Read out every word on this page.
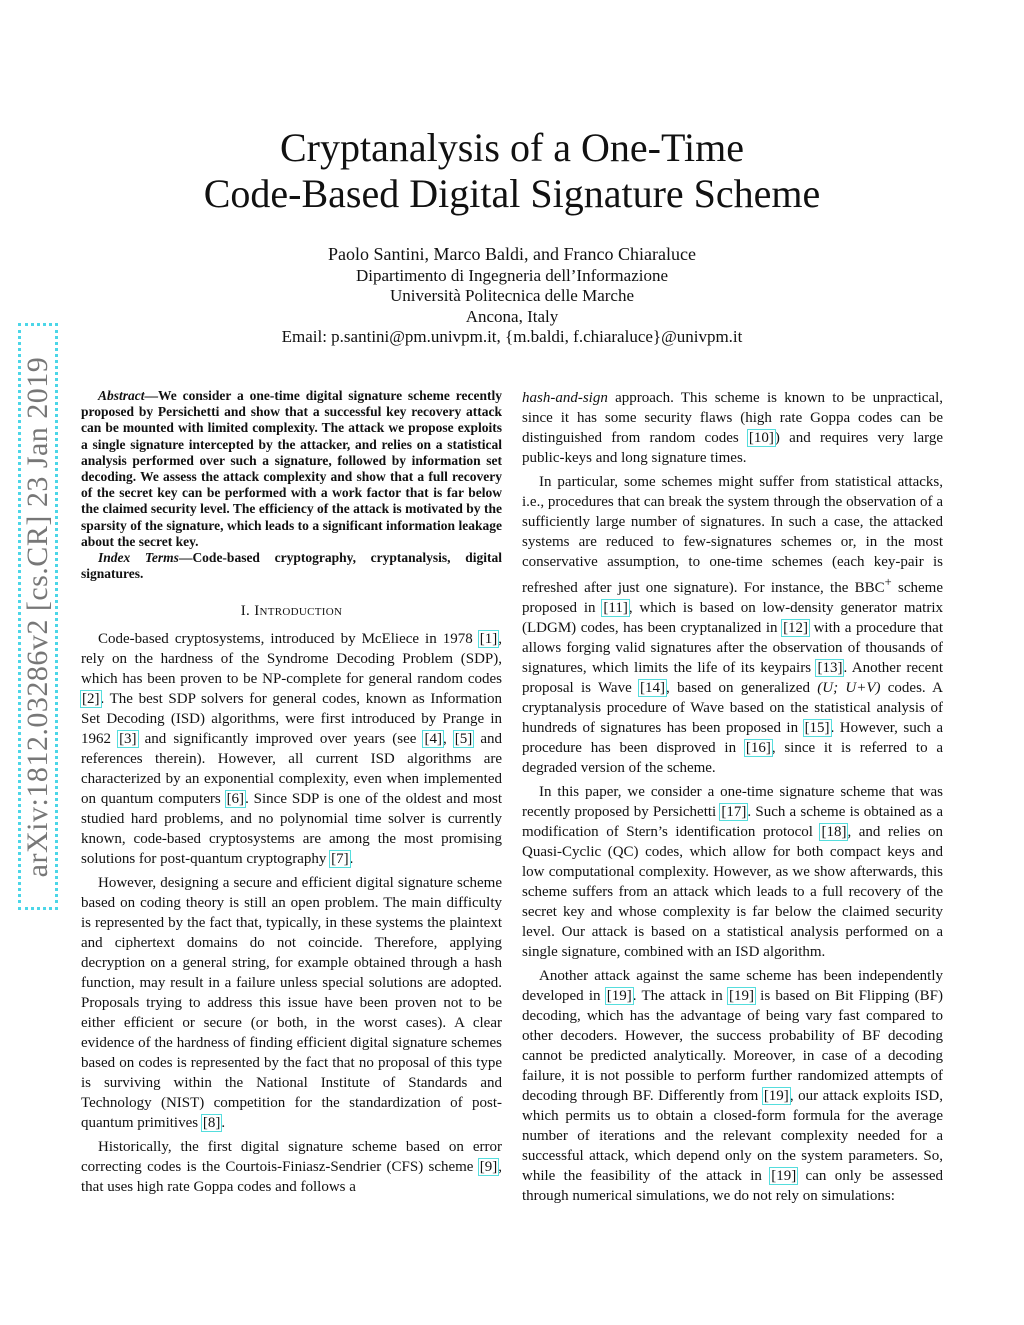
arXiv:1812.03286v2 [cs.CR] 23 Jan 2019
Cryptanalysis of a One-Time
Code-Based Digital Signature Scheme
Paolo Santini, Marco Baldi, and Franco Chiaraluce
Dipartimento di Ingegneria dell’Informazione
Università Politecnica delle Marche
Ancona, Italy
Email: p.santini@pm.univpm.it, {m.baldi, f.chiaraluce}@univpm.it

Abstract—We consider a one-time digital signature scheme recently proposed by Persichetti and show that a successful key recovery attack can be mounted with limited complexity. The attack we propose exploits a single signature intercepted by the attacker, and relies on a statistical analysis performed over such a signature, followed by information set decoding. We assess the attack complexity and show that a full recovery of the secret key can be performed with a work factor that is far below the claimed security level. The efficiency of the attack is motivated by the sparsity of the signature, which leads to a significant information leakage about the secret key.

Index Terms—Code-based cryptography, cryptanalysis, digital signatures.

I. Introduction

Code-based cryptosystems, introduced by McEliece in 1978 [1], rely on the hardness of the Syndrome Decoding Problem (SDP), which has been proven to be NP-complete for general random codes [2]. The best SDP solvers for general codes, known as Information Set Decoding (ISD) algorithms, were first introduced by Prange in 1962 [3] and significantly improved over years (see [4], [5] and references therein). However, all current ISD algorithms are characterized by an exponential complexity, even when implemented on quantum computers [6]. Since SDP is one of the oldest and most studied hard problems, and no polynomial time solver is currently known, code-based cryptosystems are among the most promising solutions for post-quantum cryptography [7].

However, designing a secure and efficient digital signature scheme based on coding theory is still an open problem. The main difficulty is represented by the fact that, typically, in these systems the plaintext and ciphertext domains do not coincide. Therefore, applying decryption on a general string, for example obtained through a hash function, may result in a failure unless special solutions are adopted. Proposals trying to address this issue have been proven not to be either efficient or secure (or both, in the worst cases). A clear evidence of the hardness of finding efficient digital signature schemes based on codes is represented by the fact that no proposal of this type is surviving within the National Institute of Standards and Technology (NIST) competition for the standardization of post-quantum primitives [8].

Historically, the first digital signature scheme based on error correcting codes is the Courtois-Finiasz-Sendrier (CFS) scheme [9], that uses high rate Goppa codes and follows a

hash-and-sign approach. This scheme is known to be unpractical, since it has some security flaws (high rate Goppa codes can be distinguished from random codes [10]) and requires very large public-keys and long signature times.

In particular, some schemes might suffer from statistical attacks, i.e., procedures that can break the system through the observation of a sufficiently large number of signatures. In such a case, the attacked systems are reduced to few-signatures schemes or, in the most conservative assumption, to one-time schemes (each key-pair is refreshed after just one signature). For instance, the BBC+ scheme proposed in [11], which is based on low-density generator matrix (LDGM) codes, has been cryptanalized in [12] with a procedure that allows forging valid signatures after the observation of thousands of signatures, which limits the life of its keypairs [13]. Another recent proposal is Wave [14], based on generalized (U; U+V) codes. A cryptanalysis procedure of Wave based on the statistical analysis of hundreds of signatures has been proposed in [15]. However, such a procedure has been disproved in [16], since it is referred to a degraded version of the scheme.

In this paper, we consider a one-time signature scheme that was recently proposed by Persichetti [17]. Such a scheme is obtained as a modification of Stern’s identification protocol [18], and relies on Quasi-Cyclic (QC) codes, which allow for both compact keys and low computational complexity. However, as we show afterwards, this scheme suffers from an attack which leads to a full recovery of the secret key and whose complexity is far below the claimed security level. Our attack is based on a statistical analysis performed on a single signature, combined with an ISD algorithm.

Another attack against the same scheme has been independently developed in [19]. The attack in [19] is based on Bit Flipping (BF) decoding, which has the advantage of being vary fast compared to other decoders. However, the success probability of BF decoding cannot be predicted analytically. Moreover, in case of a decoding failure, it is not possible to perform further randomized attempts of decoding through BF. Differently from [19], our attack exploits ISD, which permits us to obtain a closed-form formula for the average number of iterations and the relevant complexity needed for a successful attack, which depend only on the system parameters. So, while the feasibility of the attack in [19] can only be assessed through numerical simulations, we do not rely on simulations:
